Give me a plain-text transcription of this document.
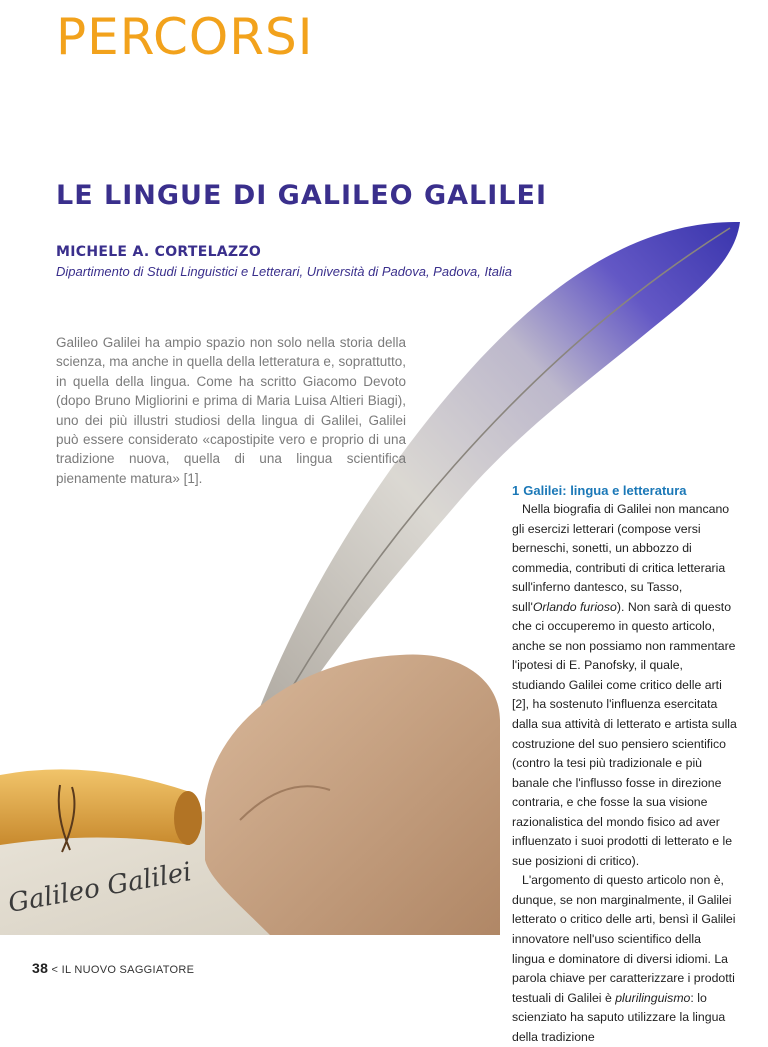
PERCORSI
Galileo Galilei
LE LINGUE DI GALILEO GALILEI
MICHELE A. CORTELAZZO
Dipartimento di Studi Linguistici e Letterari, Università di Padova, Padova, Italia

Galileo Galilei ha ampio spazio non solo nella storia della scienza, ma anche in quella della letteratura e, soprattutto, in quella della lingua. Come ha scritto Giacomo Devoto (dopo Bruno Migliorini e prima di Maria Luisa Altieri Biagi), uno dei più illustri studiosi della lingua di Galilei, Galilei può essere considerato «capostipite vero e proprio di una tradizione nuova, quella di una lingua scientifica pienamente matura» [1].

1 Galilei: lingua e letteratura

Nella biografia di Galilei non mancano gli esercizi letterari (compose versi berneschi, sonetti, un abbozzo di commedia, contributi di critica letteraria sull'inferno dantesco, su Tasso, sull'Orlando furioso). Non sarà di questo che ci occuperemo in questo articolo, anche se non possiamo non rammentare l'ipotesi di E. Panofsky, il quale, studiando Galilei come critico delle arti [2], ha sostenuto l'influenza esercitata dalla sua attività di letterato e artista sulla costruzione del suo pensiero scientifico (contro la tesi più tradizionale e più banale che l'influsso fosse in direzione contraria, e che fosse la sua visione razionalistica del mondo fisico ad aver influenzato i suoi prodotti di letterato e le sue posizioni di critico).

L'argomento di questo articolo non è, dunque, se non marginalmente, il Galilei letterato o critico delle arti, bensì il Galilei innovatore nell'uso scientifico della lingua e dominatore di diversi idiomi. La parola chiave per caratterizzare i prodotti testuali di Galilei è plurilinguismo: lo scienziato ha saputo utilizzare la lingua della tradizione

38 < IL NUOVO SAGGIATORE
